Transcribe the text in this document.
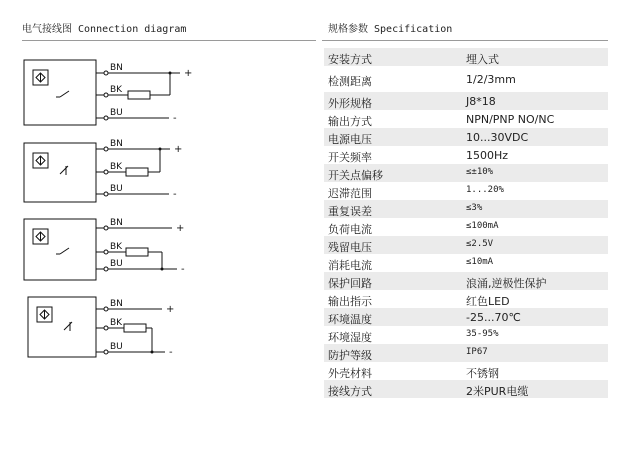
电气接线图 Connection diagram	规格参数 Specification
BN
BK
BU
+
-
BN
BK
BU
+
-
BN
BK
BU
+
-
BN
BK
BU
+
-
安装方式	埋入式
检测距离	1/2/3mm
外形规格	J8*18
输出方式	NPN/PNP NO/NC
电源电压	10...30VDC
开关频率	1500Hz
开关点偏移	≤±10%
迟滞范围	1...20%
重复误差	≤3%
负荷电流	≤100mA
残留电压	≤2.5V
消耗电流	≤10mA
保护回路	浪涌,逆极性保护
输出指示	红色LED
环境温度	-25...70℃
环境湿度	35-95%
防护等级	IP67
外壳材料	不锈钢
接线方式	2米PUR电缆
